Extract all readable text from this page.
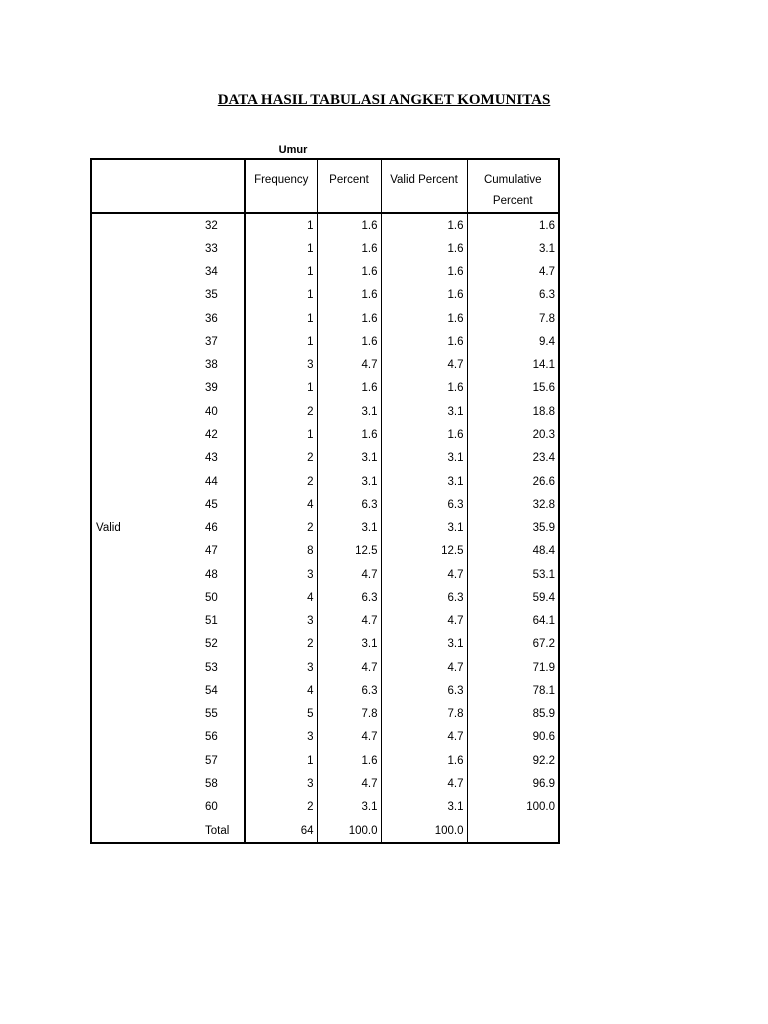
DATA HASIL TABULASI ANGKET KOMUNITAS
Umur

		Frequency	Percent	Valid Percent	Cumulative
Percent

Valid	32	1	1.6	1.6	1.6
	33	1	1.6	1.6	3.1
	34	1	1.6	1.6	4.7
	35	1	1.6	1.6	6.3
	36	1	1.6	1.6	7.8
	37	1	1.6	1.6	9.4
	38	3	4.7	4.7	14.1
	39	1	1.6	1.6	15.6
	40	2	3.1	3.1	18.8
	42	1	1.6	1.6	20.3
	43	2	3.1	3.1	23.4
	44	2	3.1	3.1	26.6
	45	4	6.3	6.3	32.8
	46	2	3.1	3.1	35.9
	47	8	12.5	12.5	48.4
	48	3	4.7	4.7	53.1
	50	4	6.3	6.3	59.4
	51	3	4.7	4.7	64.1
	52	2	3.1	3.1	67.2
	53	3	4.7	4.7	71.9
	54	4	6.3	6.3	78.1
	55	5	7.8	7.8	85.9
	56	3	4.7	4.7	90.6
	57	1	1.6	1.6	92.2
	58	3	4.7	4.7	96.9
	60	2	3.1	3.1	100.0
	Total	64	100.0	100.0	
